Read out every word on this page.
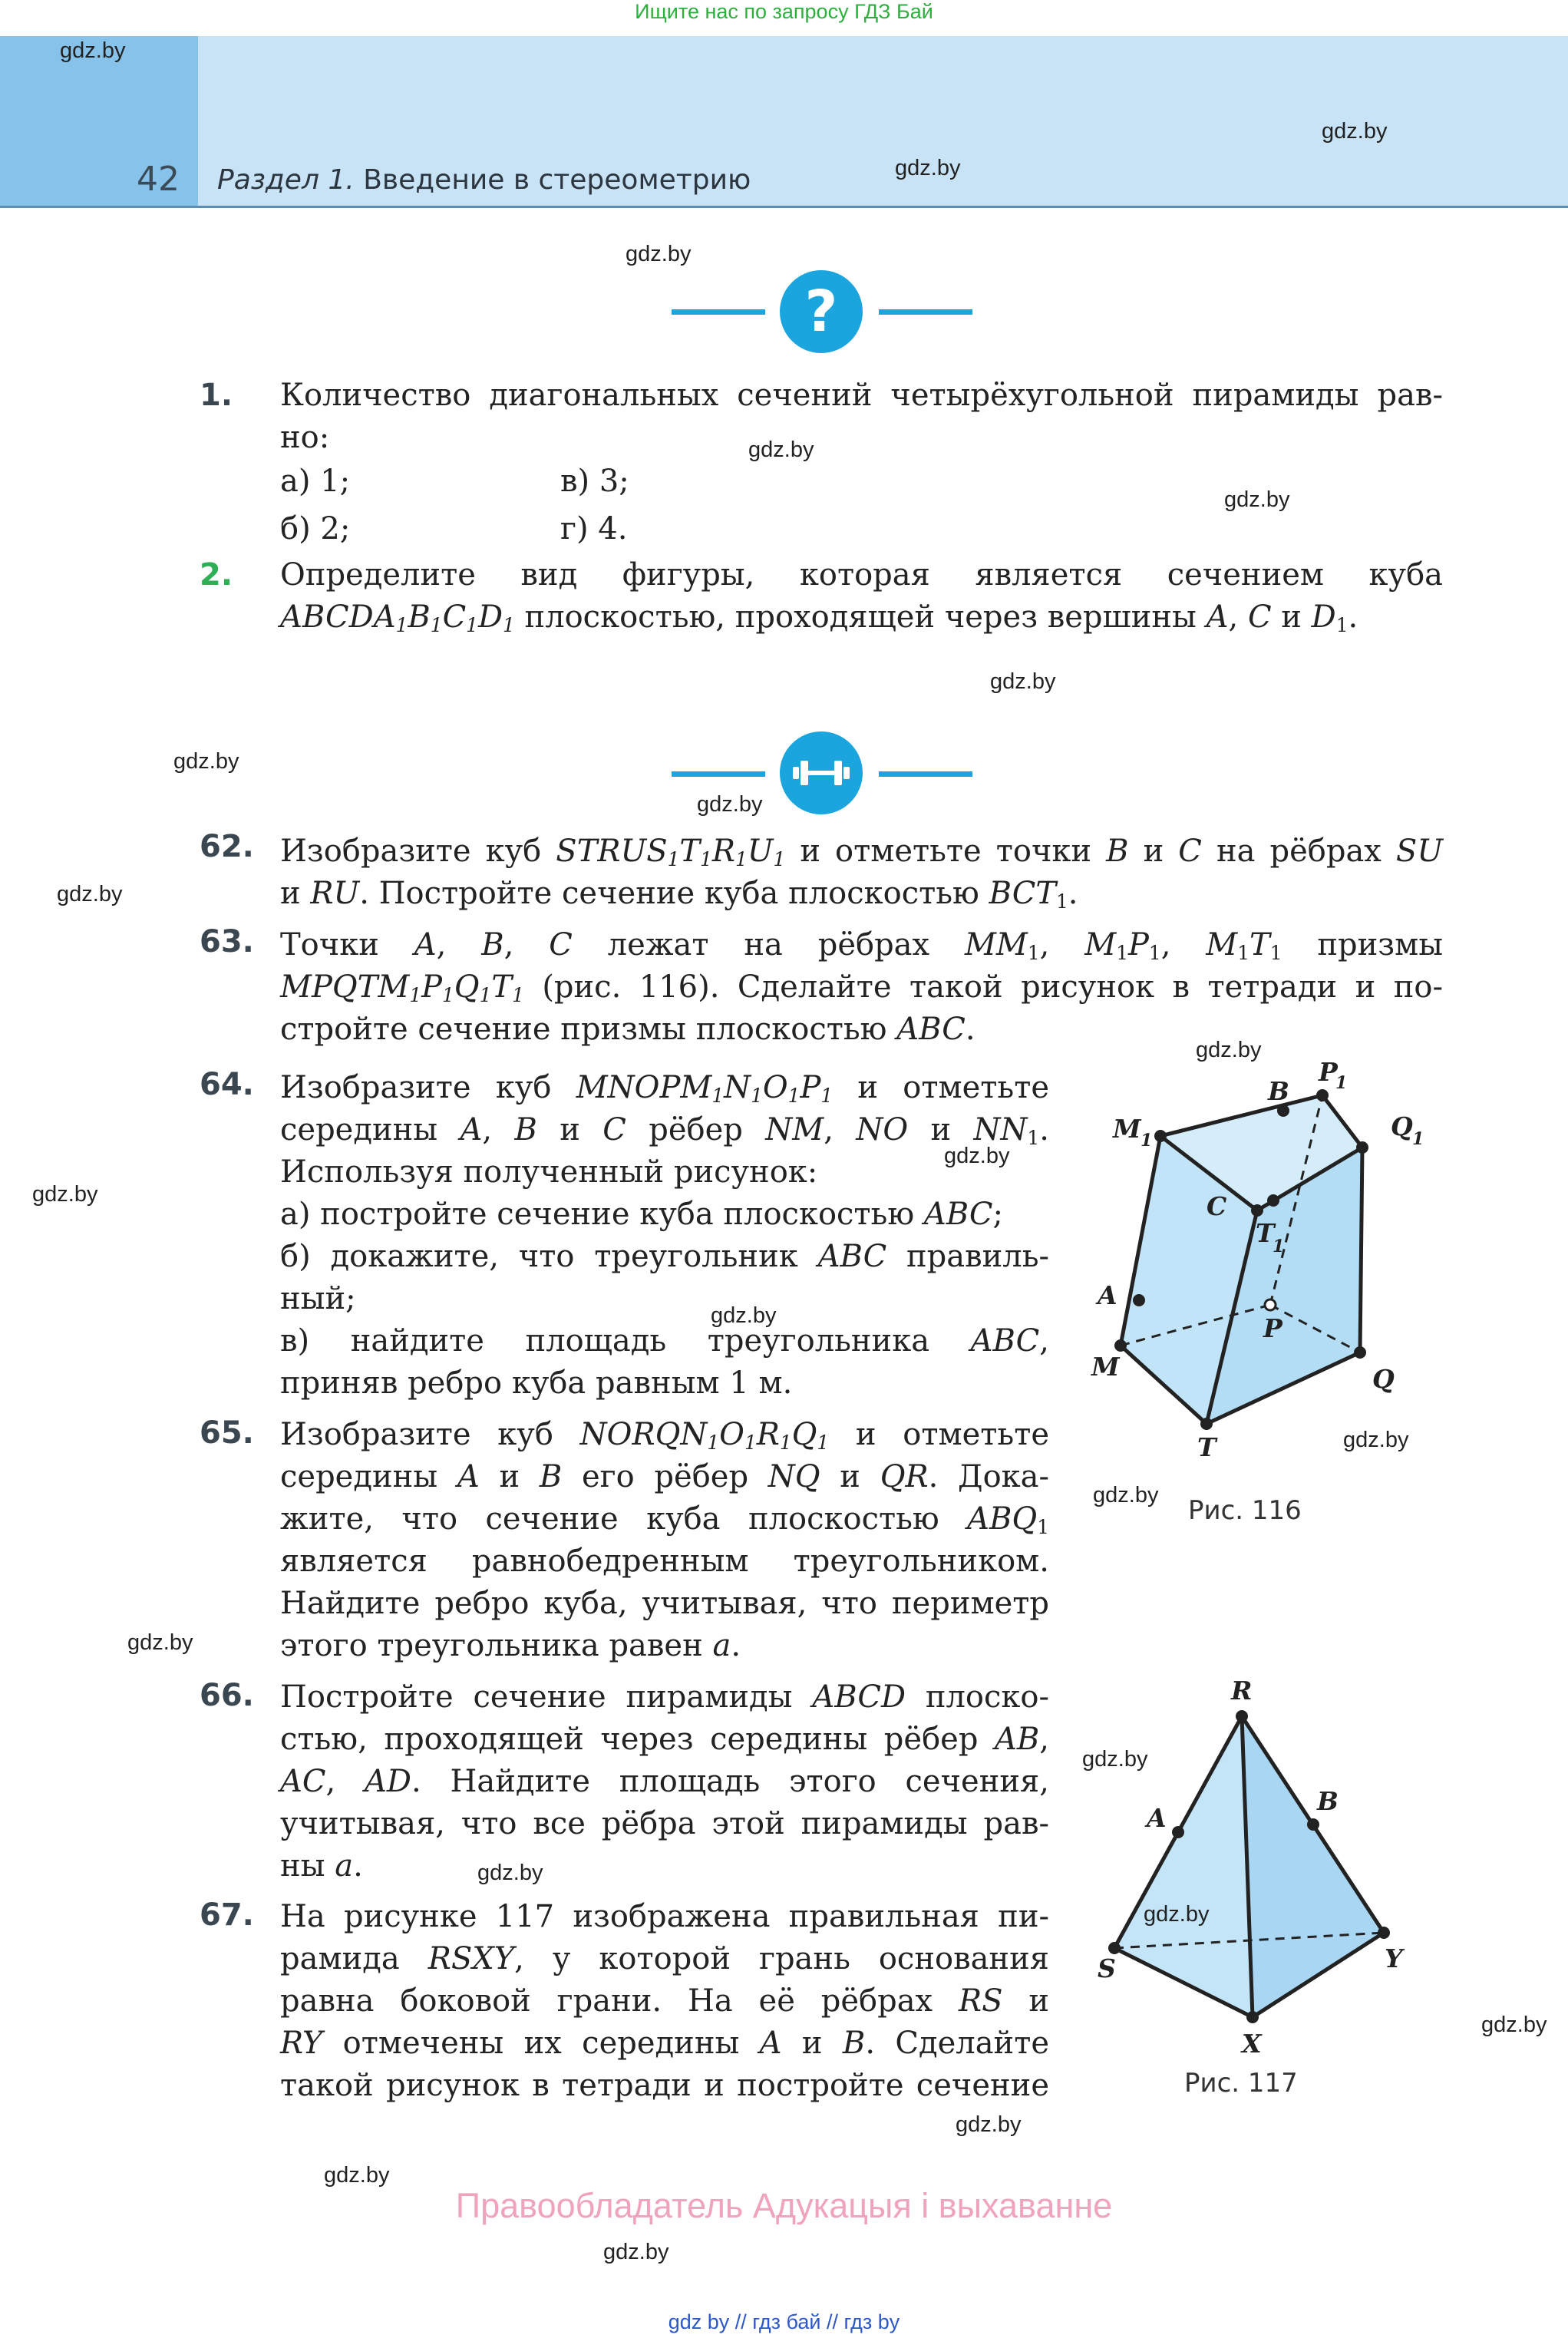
Ищите нас по запросу ГДЗ Бай
42 Раздел 1. Введение в стереометрию
?
1. Количество диагональных сечений четырёхугольной пирамиды рав-
но:
а) 1;	в) 3;
б) 2;	г) 4.
2. Определите вид фигуры, которая является сечением куба
$ABCDA_1B_1C_1D_1$ плоскостью, проходящей через вершины A, C и $D_1$.
62. Изобразите куб $STRUS_1T_1R_1U_1$ и отметьте точки B и C на рёбрах SU
и RU. Постройте сечение куба плоскостью $BCT_1$.
63. Точки A, B, C лежат на рёбрах $MM_1$, $M_1P_1$, $M_1T_1$ призмы
$MPQTM_1P_1Q_1T_1$ (рис. 116). Сделайте такой рисунок в тетради и по-
стройте сечение призмы плоскостью ABC.
64. Изобразите куб $MNOPM_1N_1O_1P_1$ и отметьте
середины A, B и C рёбер NM, NO и $NN_1$.
Используя полученный рисунок:
а) постройте сечение куба плоскостью ABC;
б) докажите, что треугольник ABC правиль-
ный;
в) найдите площадь треугольника ABC,
приняв ребро куба равным 1 м.
65. Изобразите куб $NORQN_1O_1R_1Q_1$ и отметьте
середины A и B его рёбер NQ и QR. Дока-
жите, что сечение куба плоскостью $ABQ_1$
является равнобедренным треугольником.
Найдите ребро куба, учитывая, что периметр
этого треугольника равен a.
66. Постройте сечение пирамиды ABCD плоско-
стью, проходящей через середины рёбер AB,
AC, AD. Найдите площадь этого сечения,
учитывая, что все рёбра этой пирамиды рав-
ны a.
67. На рисунке 117 изображена правильная пи-
рамида RSXY, у которой грань основания
равна боковой грани. На её рёбрах RS и
RY отмечены их середины A и B. Сделайте
такой рисунок в тетради и постройте сечение
M 1
B
P
1
Q 1
C
T
1
A
P
M	Q
T
Рис. 116
R
A
B
S	Y
X
Рис. 117
gdz.by
gdz.by
gdz.by
gdz.by
gdz.by
gdz.by
gdz.by
gdz.by
gdz.by
gdz.by
gdz.by
gdz.by
gdz.by
gdz.by
gdz.by
gdz.by
gdz.by
gdz.by
gdz.by
gdz.by
gdz.by
gdz.by
gdz.by
gdz.by
Правообладатель Адукацыя і выхаванне
gdz by // гдз бай // гдз by
